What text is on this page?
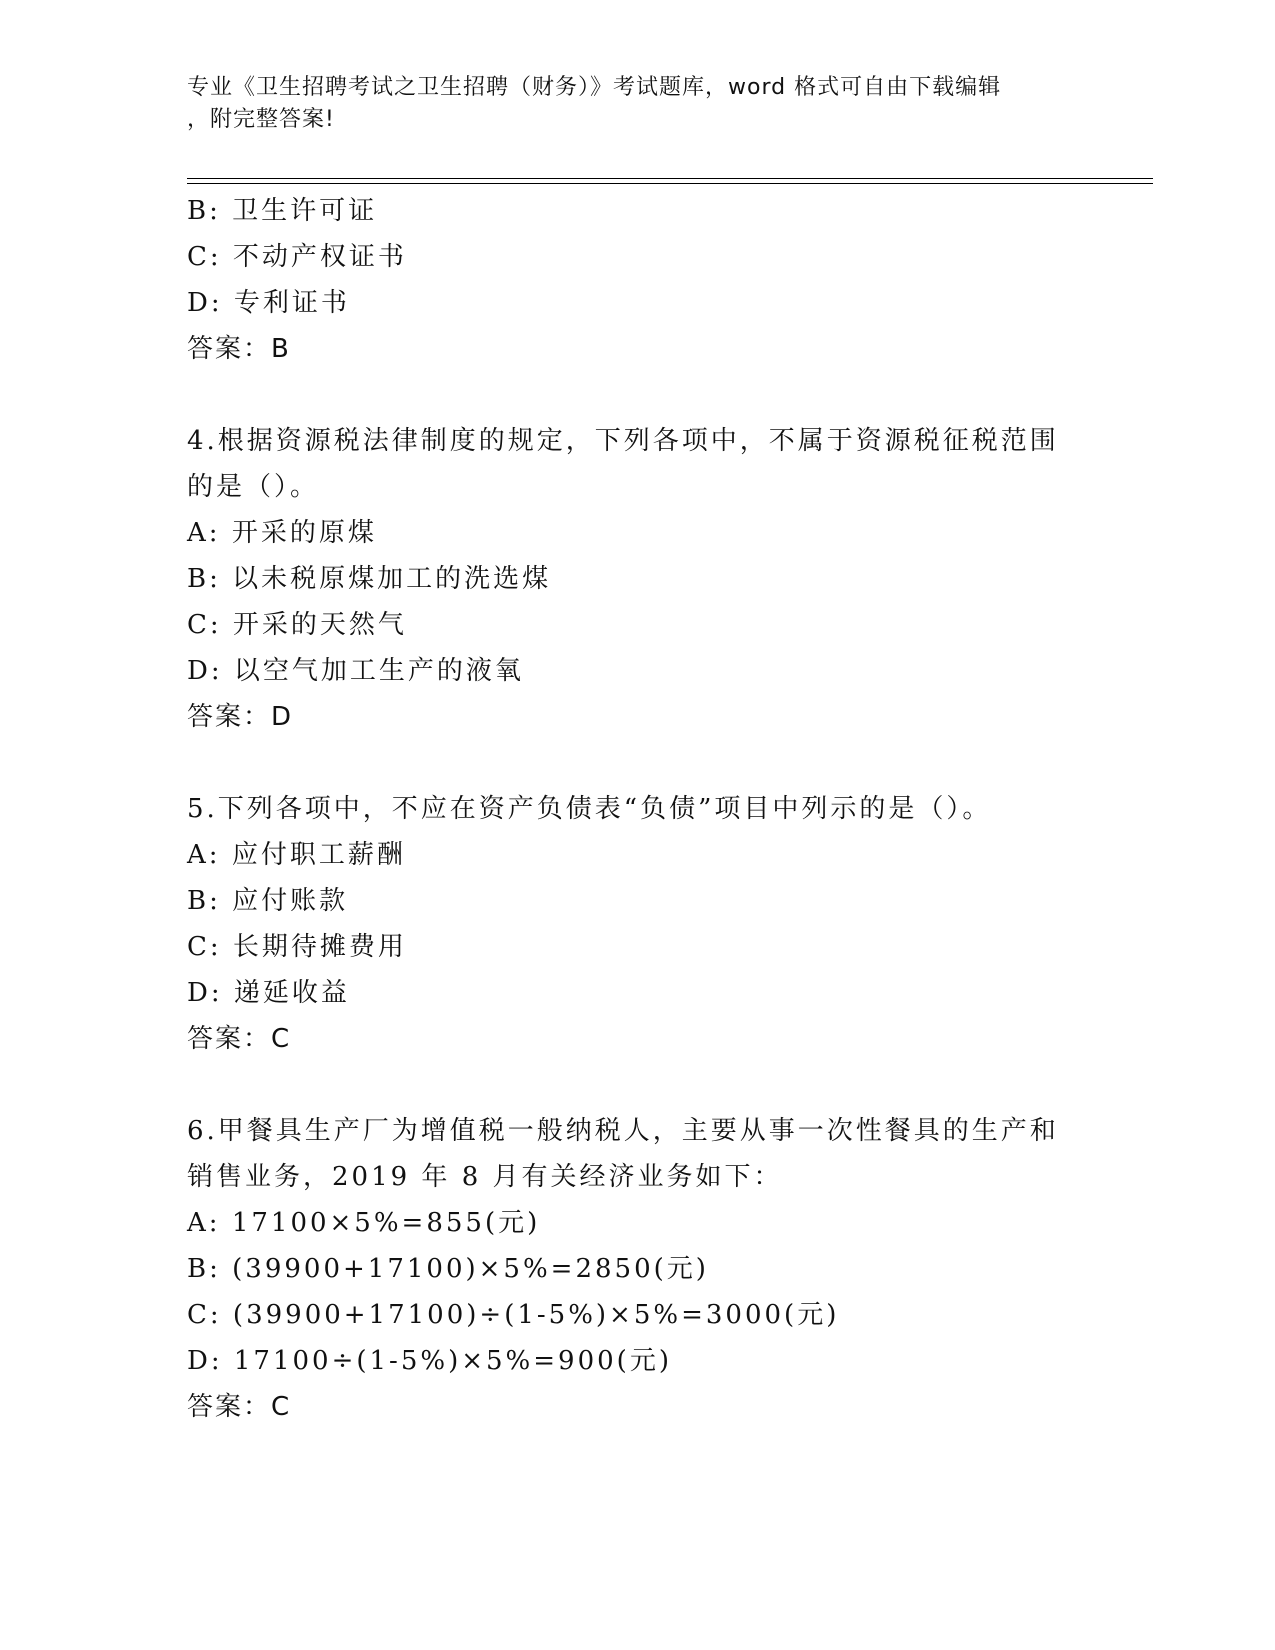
专业《卫生招聘考试之卫生招聘（财务）》考试题库，word 格式可自由下载编辑
，附完整答案!
B: 卫生许可证
C: 不动产权证书
D: 专利证书
答案：B
4.根据资源税法律制度的规定，下列各项中，不属于资源税征税范围
的是（）。
A: 开采的原煤
B: 以未税原煤加工的洗选煤
C: 开采的天然气
D: 以空气加工生产的液氧
答案：D
5.下列各项中，不应在资产负债表“负债”项目中列示的是（）。
A: 应付职工薪酬
B: 应付账款
C: 长期待摊费用
D: 递延收益
答案：C
6.甲餐具生产厂为增值税一般纳税人，主要从事一次性餐具的生产和
销售业务，2019 年 8 月有关经济业务如下：
A: 17100×5%=855(元)
B: (39900+17100)×5%=2850(元)
C: (39900+17100)÷(1-5%)×5%=3000(元)
D: 17100÷(1-5%)×5%=900(元)
答案：C
